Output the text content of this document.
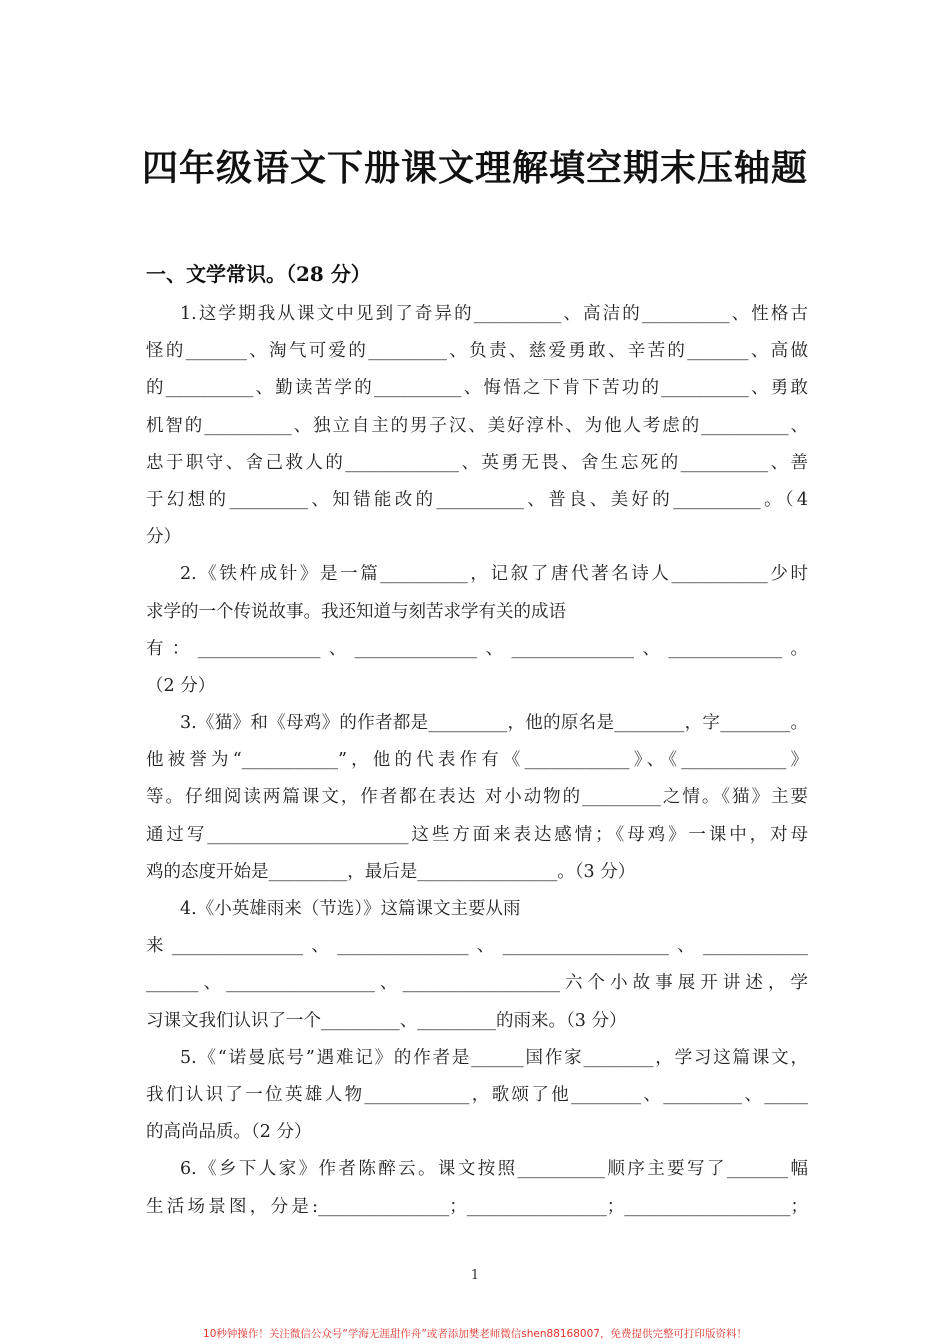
四年级语文下册课文理解填空期末压轴题
一、文学常识。（28 分）
1.这学期我从课文中见到了奇异的__________、高洁的__________、性格古
怪的_______、淘气可爱的_________、负责、慈爱勇敢、辛苦的_______、高做
的__________、勤读苦学的__________、悔悟之下肯下苦功的__________、勇敢
机智的__________、独立自主的男子汉、美好淳朴、为他人考虑的__________、
忠于职守、舍己救人的_____________、英勇无畏、舍生忘死的__________、善
于幻想的_________、知错能改的__________、普良、美好的__________。（4
分）
2.《铁杵成针》是一篇__________，记叙了唐代著名诗人___________少时
求学的一个传说故事。我还知道与刻苦求学有关的成语
有：______________、______________、______________、_____________。
（2 分）
3.《猫》和《母鸡》的作者都是_________，他的原名是________，字________。
他被誉为“___________”，他的代表作有《____________》、《____________》
等。仔细阅读两篇课文，作者都在表达 对小动物的_________之情。《猫》主要
通过写_______________________这些方面来表达感情；《母鸡》一课中，对母
鸡的态度开始是_________，最后是________________。（3 分）
4.《小英雄雨来（节选）》这篇课文主要从雨
来_______________、_______________、___________________、____________
______、_________________、__________________六个小故事展开讲述，学
习课文我们认识了一个_________、_________的雨来。（3 分）
5.《“诺曼底号”遇难记》的作者是______国作家________，学习这篇课文，
我们认识了一位英雄人物____________，歌颂了他________、_________、_____
的高尚品质。（2 分）
6.《乡下人家》作者陈醉云。课文按照__________顺序主要写了_______幅
生活场景图，分是:_______________；________________；___________________；
1
10秒钟操作！关注微信公众号“学海无涯甜作舟”或者添加樊老师微信shen88168007，免费提供完整可打印版资料！
